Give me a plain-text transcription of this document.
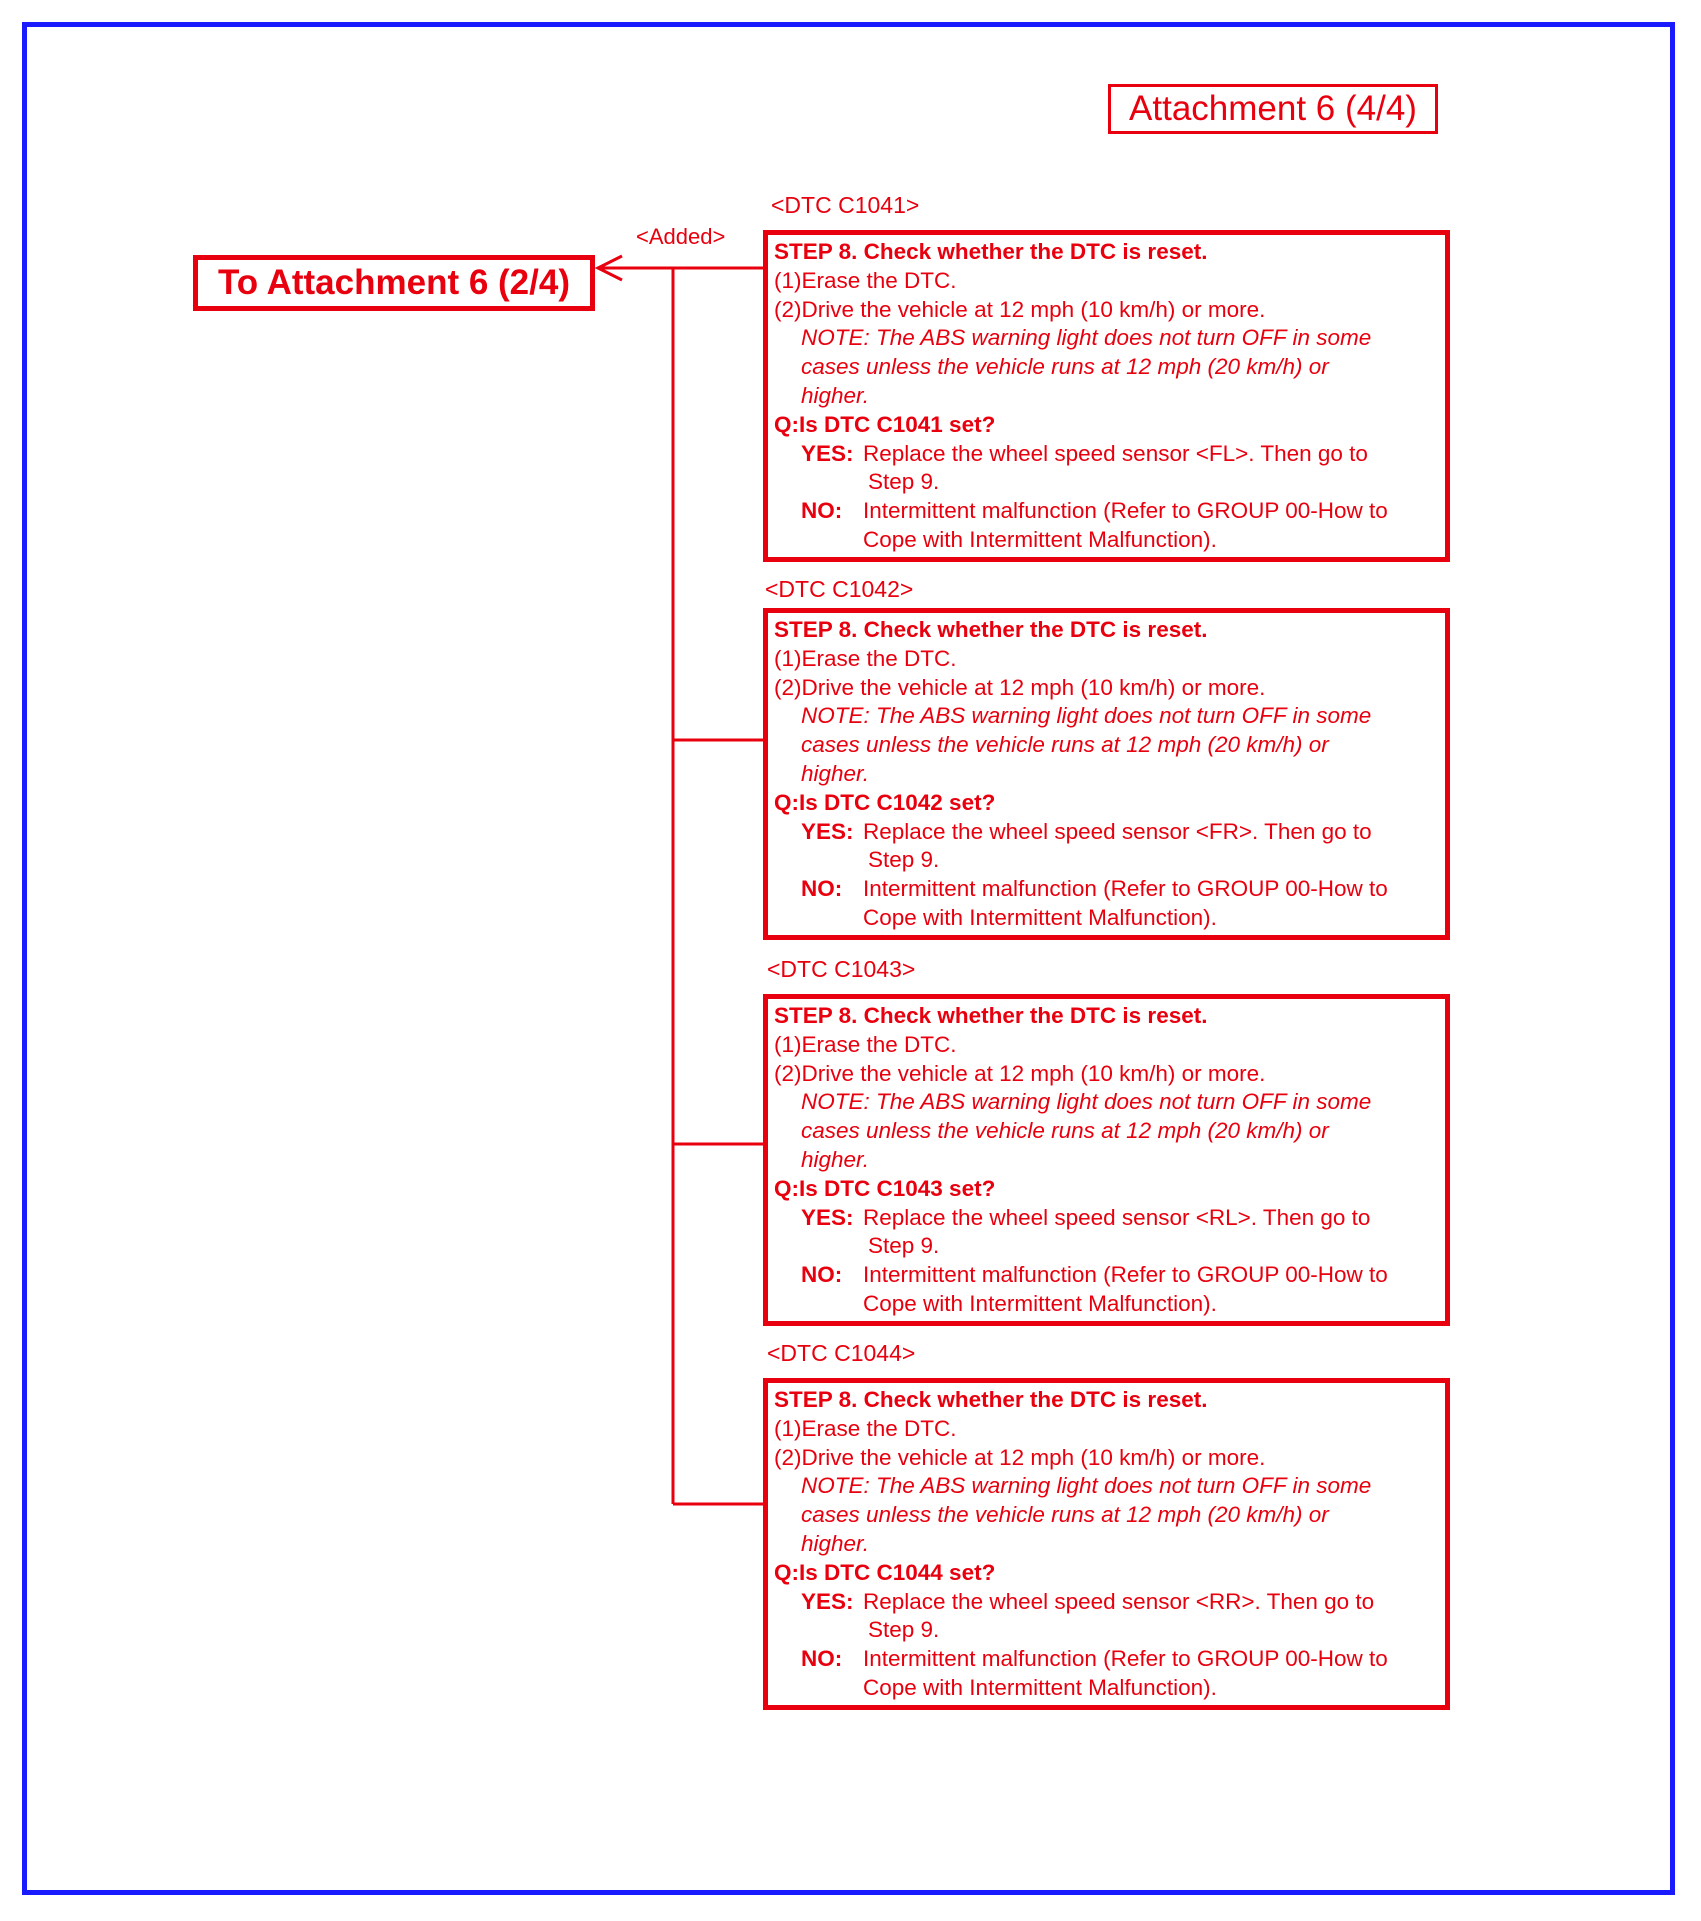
Attachment 6 (4/4)
To Attachment 6 (2/4)
<Added>
<DTC C1041>
STEP 8. Check whether the DTC is reset.
(1)Erase the DTC.
(2)Drive the vehicle at 12 mph (10 km/h) or more.
NOTE: The ABS warning light does not turn OFF in some
cases unless the vehicle runs at 12 mph (20 km/h) or
higher.
Q:Is DTC C1041 set?
YES: Replace the wheel speed sensor <FL>. Then go to
Step 9.
NO: Intermittent malfunction (Refer to GROUP 00-How to
Cope with Intermittent Malfunction).
<DTC C1042>
STEP 8. Check whether the DTC is reset.
(1)Erase the DTC.
(2)Drive the vehicle at 12 mph (10 km/h) or more.
NOTE: The ABS warning light does not turn OFF in some
cases unless the vehicle runs at 12 mph (20 km/h) or
higher.
Q:Is DTC C1042 set?
YES: Replace the wheel speed sensor <FR>. Then go to
Step 9.
NO: Intermittent malfunction (Refer to GROUP 00-How to
Cope with Intermittent Malfunction).
<DTC C1043>
STEP 8. Check whether the DTC is reset.
(1)Erase the DTC.
(2)Drive the vehicle at 12 mph (10 km/h) or more.
NOTE: The ABS warning light does not turn OFF in some
cases unless the vehicle runs at 12 mph (20 km/h) or
higher.
Q:Is DTC C1043 set?
YES: Replace the wheel speed sensor <RL>. Then go to
Step 9.
NO: Intermittent malfunction (Refer to GROUP 00-How to
Cope with Intermittent Malfunction).
<DTC C1044>
STEP 8. Check whether the DTC is reset.
(1)Erase the DTC.
(2)Drive the vehicle at 12 mph (10 km/h) or more.
NOTE: The ABS warning light does not turn OFF in some
cases unless the vehicle runs at 12 mph (20 km/h) or
higher.
Q:Is DTC C1044 set?
YES: Replace the wheel speed sensor <RR>. Then go to
Step 9.
NO: Intermittent malfunction (Refer to GROUP 00-How to
Cope with Intermittent Malfunction).
